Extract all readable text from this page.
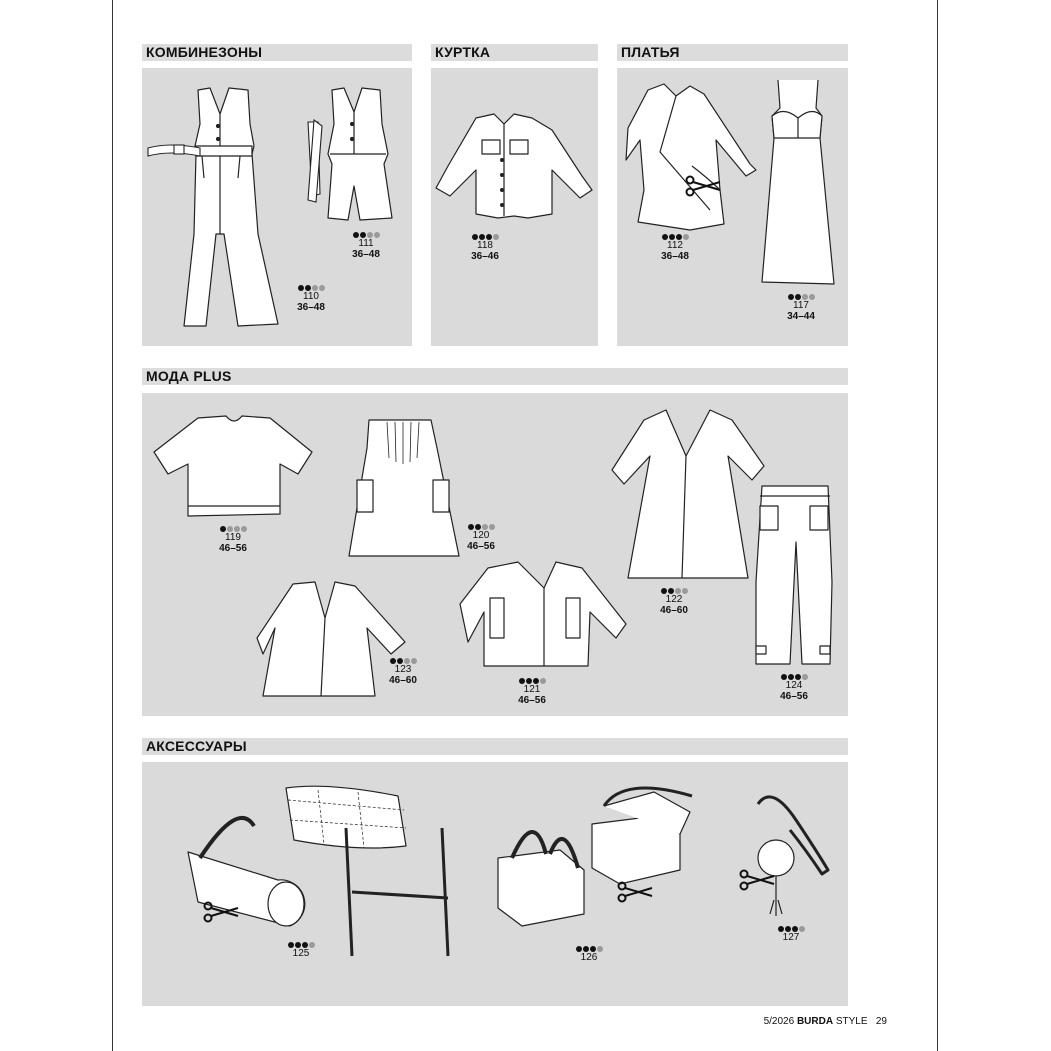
КОМБИНЕЗОНЫ	КУРТКА	ПЛАТЬЯ
МОДА PLUS
АКСЕССУАРЫ
110
36–48
111
36–48
118
36–46
112
36–48
117
34–44
119
46–56
120
46–56
122
46–60
123
46–60
121
46–56
124
46–56
125	126
127
5/2026 BURDA STYLE 29
